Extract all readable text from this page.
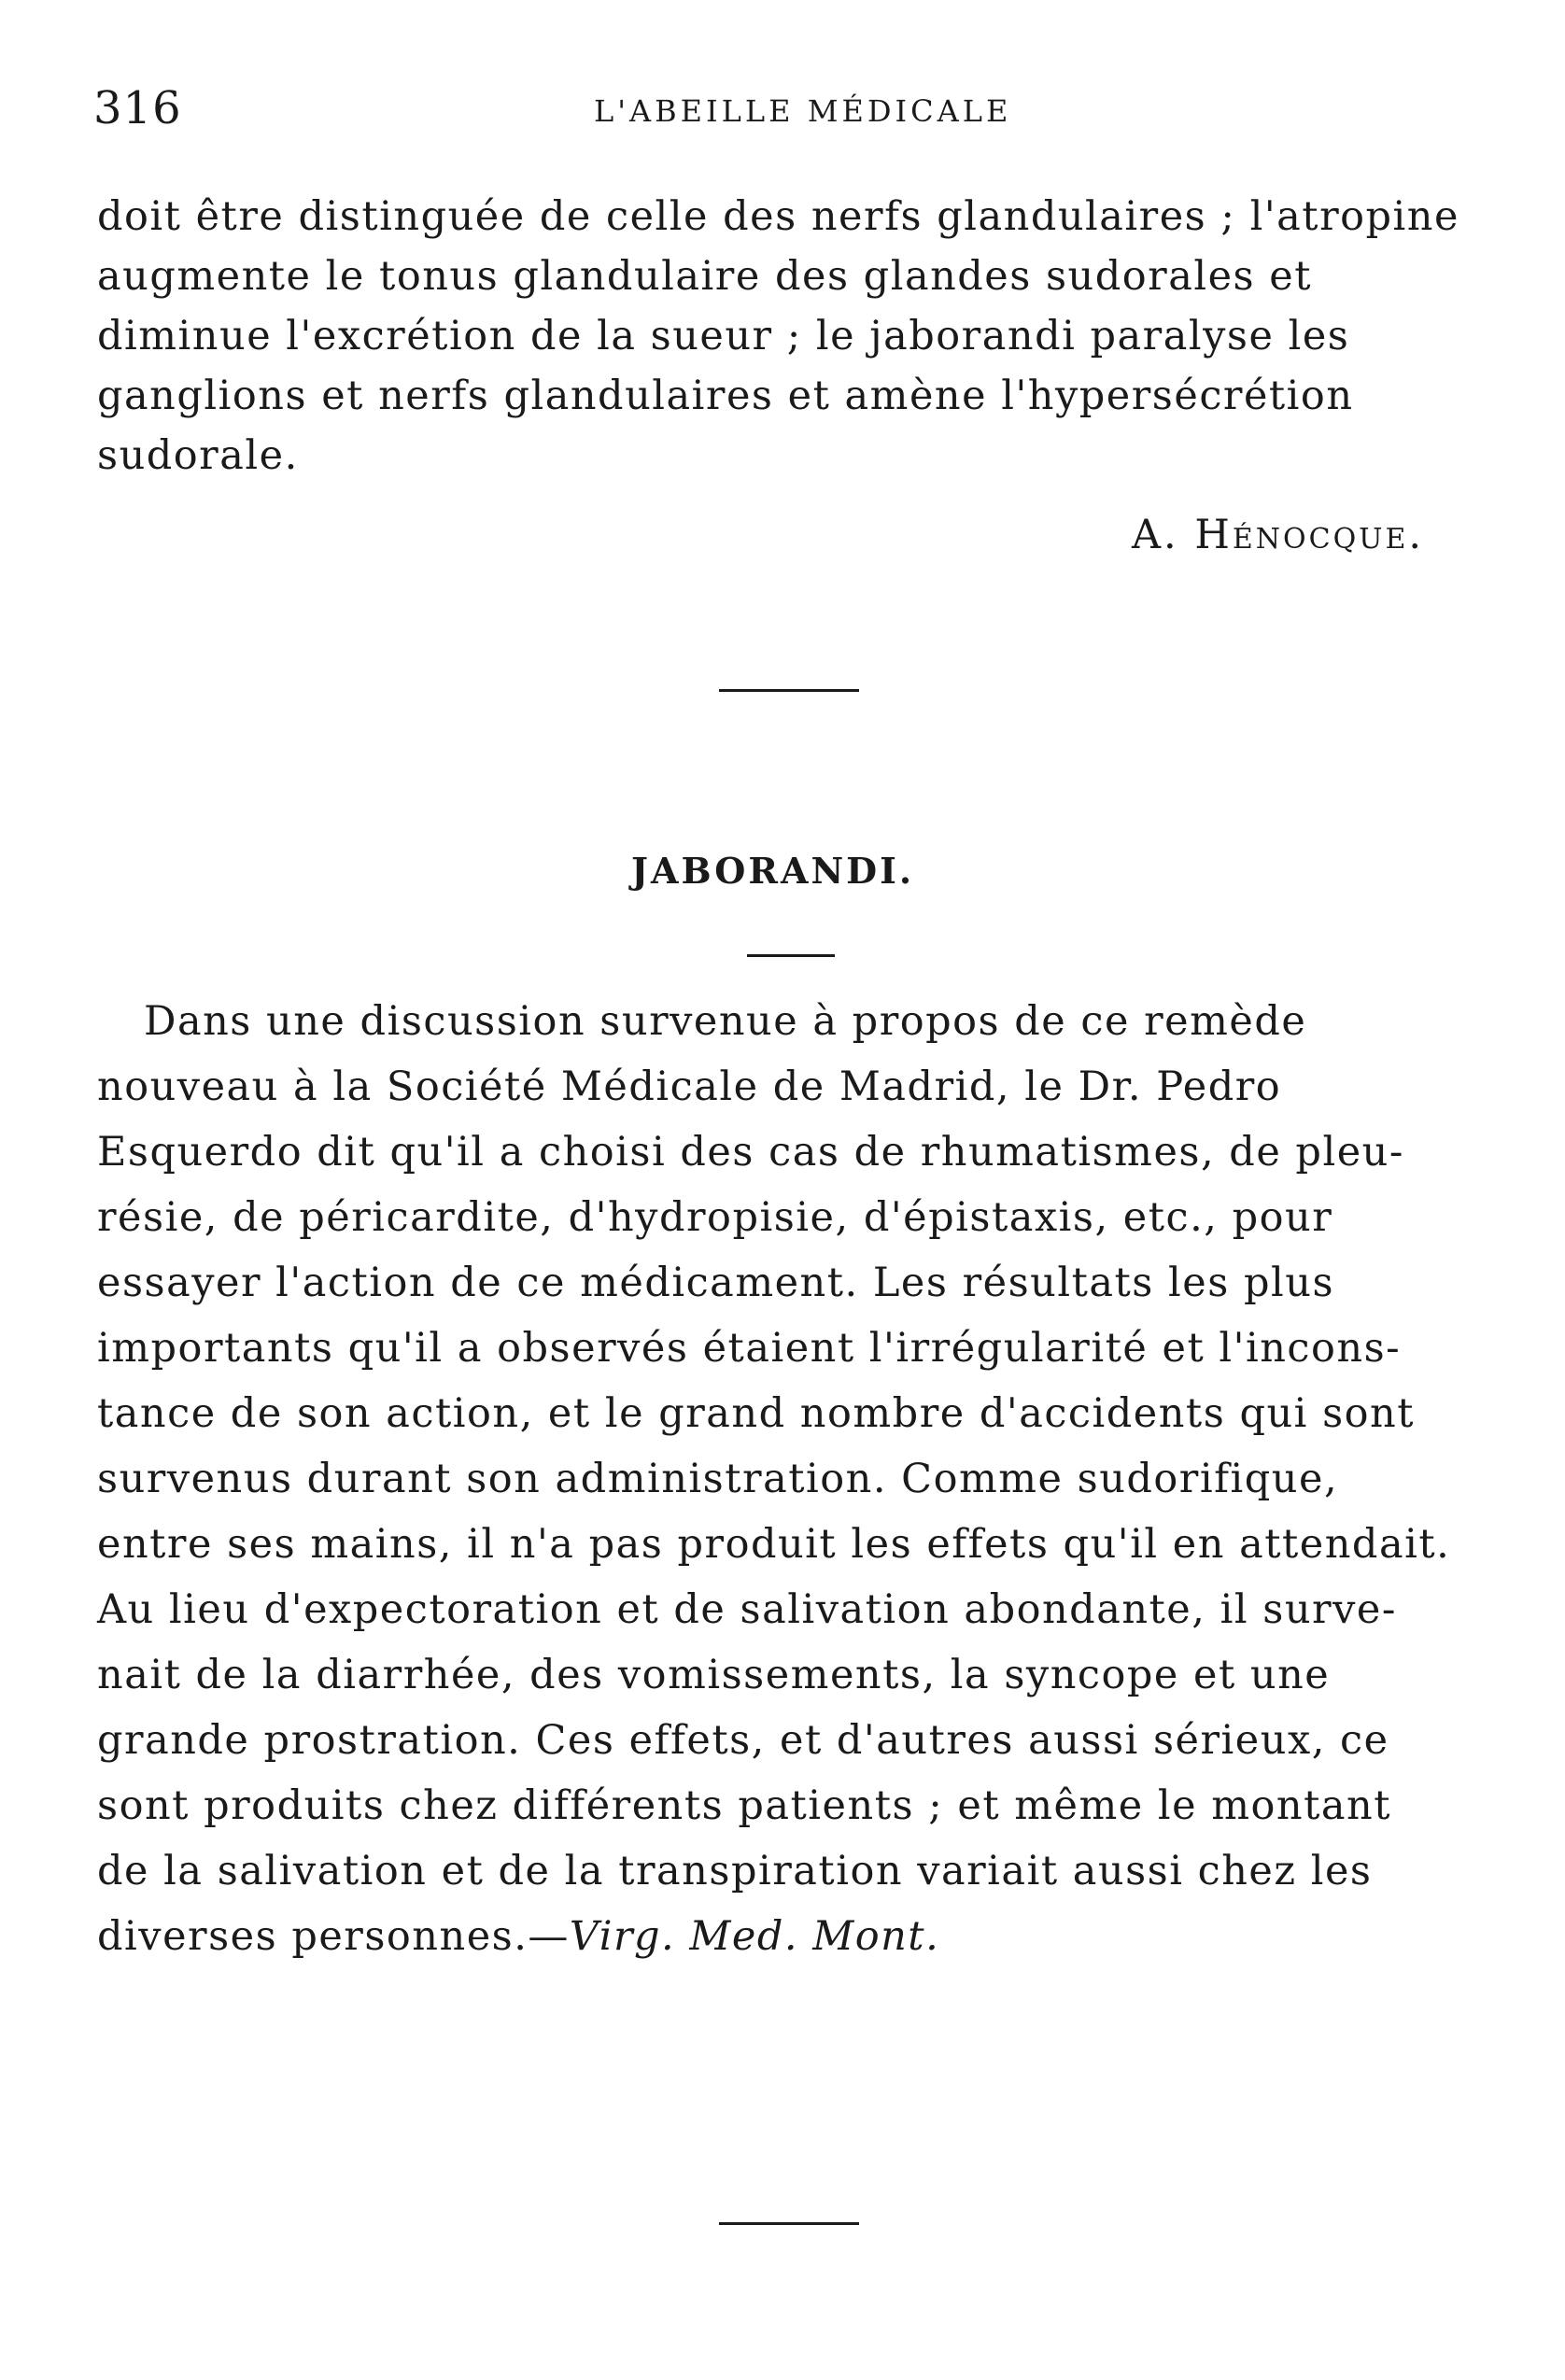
316	L'ABEILLE MÉDICALE
doit être distinguée de celle des nerfs glandulaires ; l'atropine
augmente le tonus glandulaire des glandes sudorales et
diminue l'excrétion de la sueur ; le jaborandi paralyse les
ganglions et nerfs glandulaires et amène l'hypersécrétion
sudorale.
A. Hénocque.
JABORANDI.
Dans une discussion survenue à propos de ce remède
nouveau à la Société Médicale de Madrid, le Dr. Pedro
Esquerdo dit qu'il a choisi des cas de rhumatismes, de pleu-
résie, de péricardite, d'hydropisie, d'épistaxis, etc., pour
essayer l'action de ce médicament. Les résultats les plus
importants qu'il a observés étaient l'irrégularité et l'incons-
tance de son action, et le grand nombre d'accidents qui sont
survenus durant son administration. Comme sudorifique,
entre ses mains, il n'a pas produit les effets qu'il en attendait.
Au lieu d'expectoration et de salivation abondante, il surve-
nait de la diarrhée, des vomissements, la syncope et une
grande prostration. Ces effets, et d'autres aussi sérieux, ce
sont produits chez différents patients ; et même le montant
de la salivation et de la transpiration variait aussi chez les
diverses personnes.—Virg. Med. Mont.
